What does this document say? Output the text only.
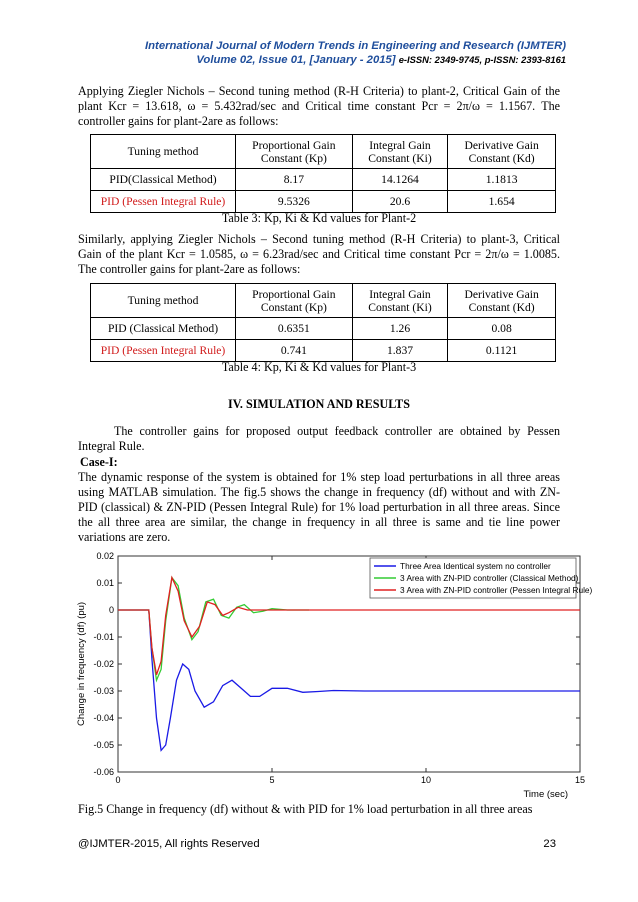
International Journal of Modern Trends in Engineering and Research (IJMTER)
Volume 02, Issue 01, [January - 2015] e-ISSN: 2349-9745, p-ISSN: 2393-8161

Applying Ziegler Nichols – Second tuning method (R-H Criteria) to plant-2, Critical Gain of the plant Kcr = 13.618, ω = 5.432rad/sec and Critical time constant Pcr = 2π/ω = 1.1567. The controller gains for plant-2are as follows:

Tuning method	Proportional Gain Constant (Kp)	Integral Gain Constant (Ki)	Derivative Gain Constant (Kd)
PID(Classical Method)	8.17	14.1264	1.1813
PID (Pessen Integral Rule)	9.5326	20.6	1.654
Table 3: Kp, Ki & Kd values for Plant-2

Similarly, applying Ziegler Nichols – Second tuning method (R-H Criteria) to plant-3, Critical Gain of the plant Kcr = 1.0585, ω = 6.23rad/sec and Critical time constant Pcr = 2π/ω = 1.0085. The controller gains for plant-2are as follows:

Tuning method	Proportional Gain Constant (Kp)	Integral Gain Constant (Ki)	Derivative Gain Constant (Kd)
PID (Classical Method)	0.6351	1.26	0.08
PID (Pessen Integral Rule)	0.741	1.837	0.1121
Table 4: Kp, Ki & Kd values for Plant-3
IV. SIMULATION AND RESULTS

The controller gains for proposed output feedback controller are obtained by Pessen Integral Rule.

Case-I:

The dynamic response of the system is obtained for 1% step load perturbations in all three areas using MATLAB simulation. The fig.5 shows the change in frequency (df) without and with ZN-PID (classical) & ZN-PID (Pessen Integral Rule) for 1% load perturbation in all three areas. Since the all three area are similar, the change in frequency in all three is same and tie line power variations are zero.

0.02
0.01
0
-0.01
-0.02
-0.03
-0.04
-0.05
-0.06
0	5	10	15
Time (sec)
Change in frequency (df) (pu)
Three Area Identical system no controller
3 Area with ZN-PID controller (Classical Method)
3 Area with ZN-PID controller (Pessen Integral Rule)
Fig.5 Change in frequency (df) without & with PID for 1% load perturbation in all three areas
@IJMTER-2015, All rights Reserved	23
